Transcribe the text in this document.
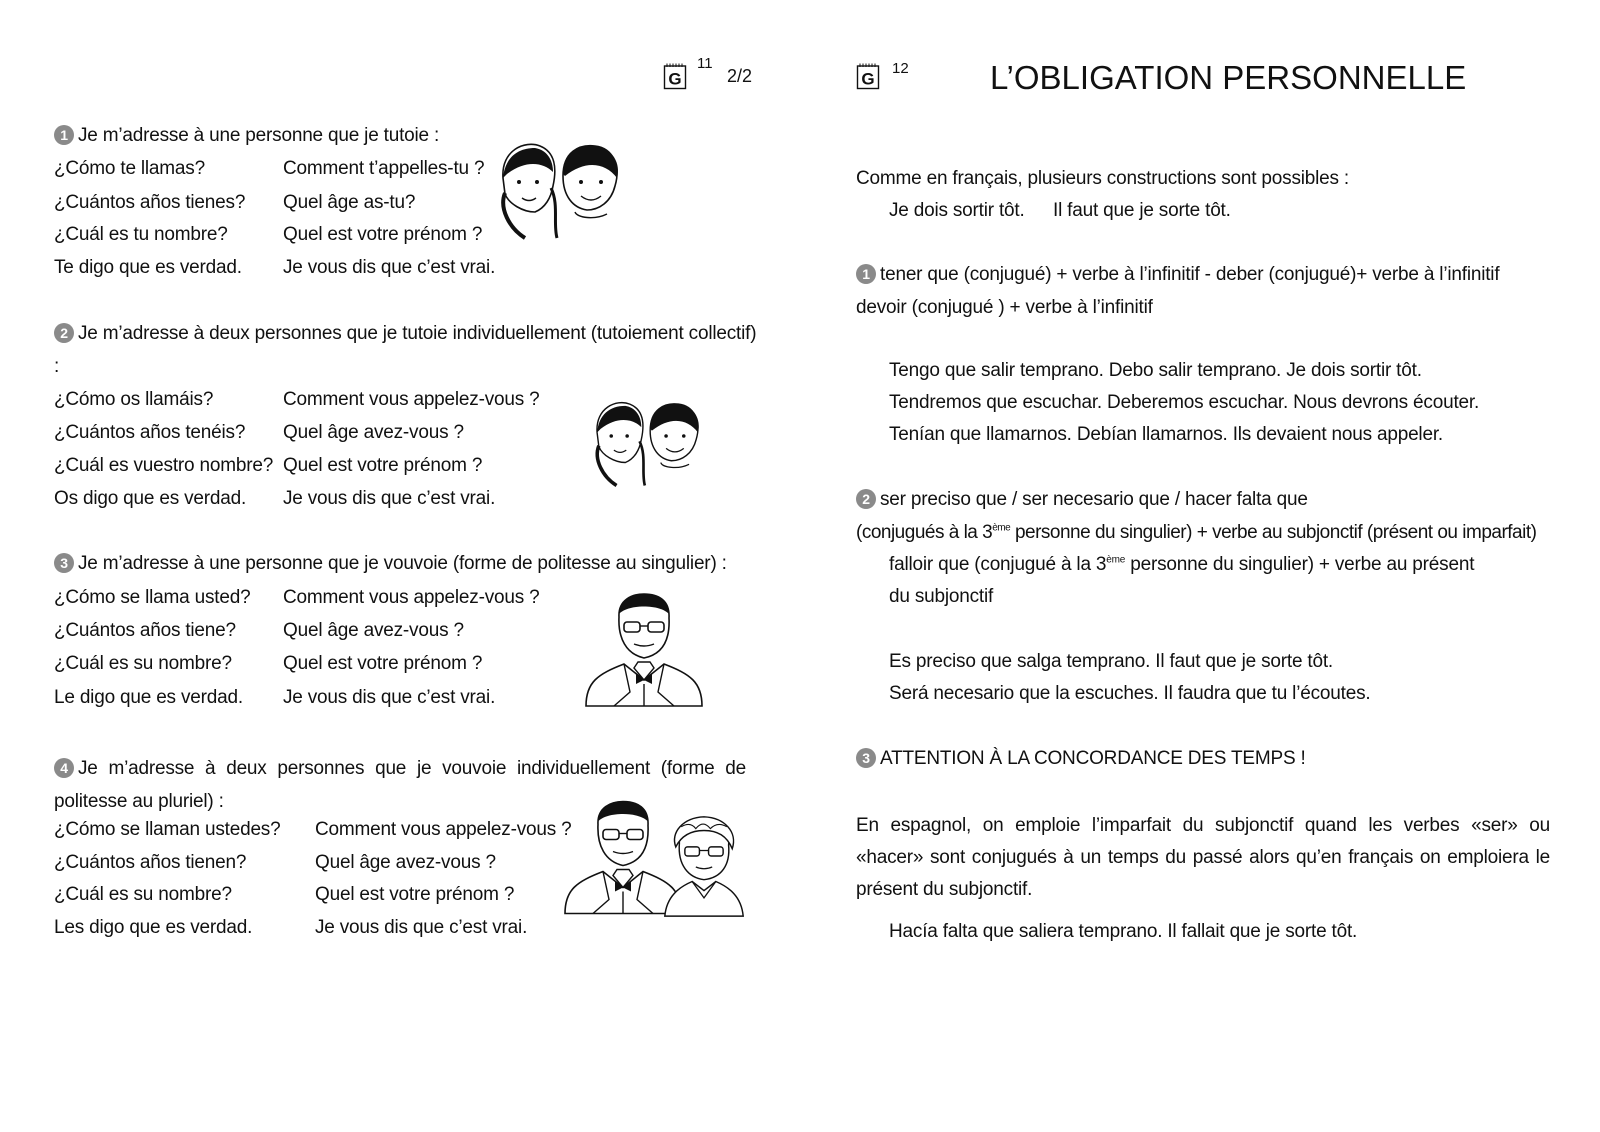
11
2/2
1 Je m’adresse à une personne que je tutoie :
¿Cómo te llamas?	Comment t’appelles-tu ?
¿Cuántos años tienes? Quel âge as-tu?
¿Cuál es tu nombre?	Quel est votre prénom ?
Te digo que es verdad. Je vous dis que c’est vrai.
2 Je m’adresse à deux personnes que je tutoie individuellement (tutoiement collectif)
:
¿Cómo os llamáis?	Comment vous appelez-vous ?
¿Cuántos años tenéis? Quel âge avez-vous ?
¿Cuál es vuestro nombre? Quel est votre prénom ?
Os digo que es verdad. Je vous dis que c’est vrai.
3 Je m’adresse à une personne que je vouvoie (forme de politesse au singulier) :
¿Cómo se llama usted? Comment vous appelez-vous ?
¿Cuántos años tiene? Quel âge avez-vous ?
¿Cuál es su nombre?	Quel est votre prénom ?
Le digo que es verdad. Je vous dis que c’est vrai.
4 Je m’adresse à deux personnes que je vouvoie individuellement (forme de politesse au pluriel) :
¿Cómo se llaman ustedes? Comment vous appelez-vous ?
¿Cuántos años tienen?	Quel âge avez-vous ?
¿Cuál es su nombre?	Quel est votre prénom ?
Les digo que es verdad.	Je vous dis que c’est vrai.
12 L’OBLIGATION PERSONNELLE
Comme en français, plusieurs constructions sont possibles :
Je dois sortir tôt. Il faut que je sorte tôt.
1 tener que (conjugué) + verbe à l’infinitif - deber (conjugué)+ verbe à l’infinitif
devoir (conjugué ) + verbe à l’infinitif
Tengo que salir temprano. Debo salir temprano. Je dois sortir tôt.
Tendremos que escuchar. Deberemos escuchar. Nous devrons écouter.
Tenían que llamarnos. Debían llamarnos. Ils devaient nous appeler.
2 ser preciso que / ser necesario que / hacer falta que
(conjugués à la 3ème personne du singulier) + verbe au subjonctif (présent ou imparfait)
falloir que (conjugué à la 3ème personne du singulier) + verbe au présent
du subjonctif
Es preciso que salga temprano. Il faut que je sorte tôt.
Será necesario que la escuches. Il faudra que tu l’écoutes.
3 ATTENTION À LA CONCORDANCE DES TEMPS !
En espagnol, on emploie l’imparfait du subjonctif quand les verbes «ser» ou «hacer» sont conjugués à un temps du passé alors qu’en français on emploiera le présent du subjonctif.
Hacía falta que saliera temprano. Il fallait que je sorte tôt.
